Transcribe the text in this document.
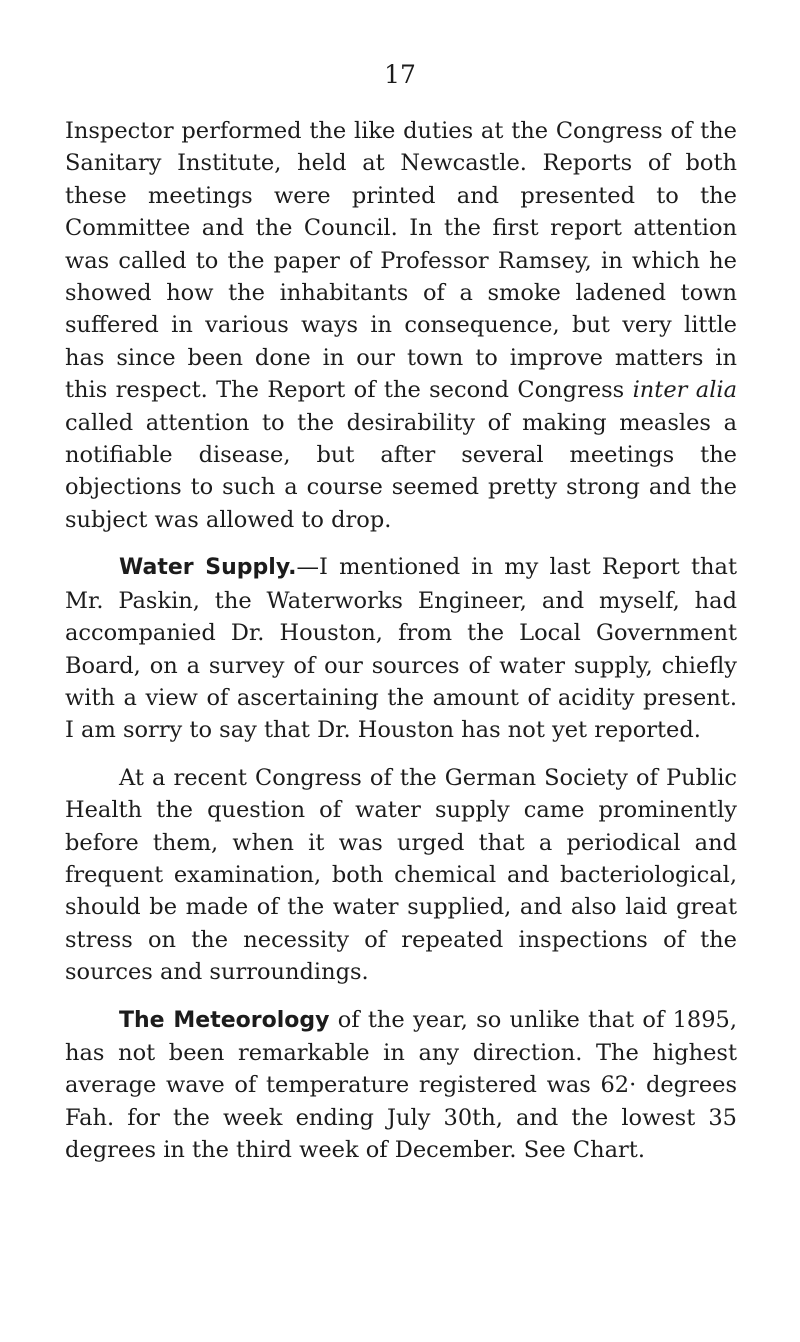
17

Inspector performed the like duties at the Congress of the Sanitary Institute, held at Newcastle. Reports of both these meetings were printed and presented to the Committee and the Council. In the first report attention was called to the paper of Professor Ramsey, in which he showed how the inhabitants of a smoke ladened town suffered in various ways in consequence, but very little has since been done in our town to improve matters in this respect. The Report of the second Congress inter alia called attention to the desirability of making measles a notifiable disease, but after several meetings the objections to such a course seemed pretty strong and the subject was allowed to drop.

Water Supply.—I mentioned in my last Report that Mr. Paskin, the Waterworks Engineer, and myself, had accompanied Dr. Houston, from the Local Government Board, on a survey of our sources of water supply, chiefly with a view of ascertaining the amount of acidity present. I am sorry to say that Dr. Houston has not yet reported.

At a recent Congress of the German Society of Public Health the question of water supply came prominently before them, when it was urged that a periodical and frequent examination, both chemical and bacteriological, should be made of the water supplied, and also laid great stress on the necessity of repeated inspections of the sources and surroundings.

The Meteorology of the year, so unlike that of 1895, has not been remarkable in any direction. The highest average wave of temperature registered was 62· degrees Fah. for the week ending July 30th, and the lowest 35 degrees in the third week of December. See Chart.
